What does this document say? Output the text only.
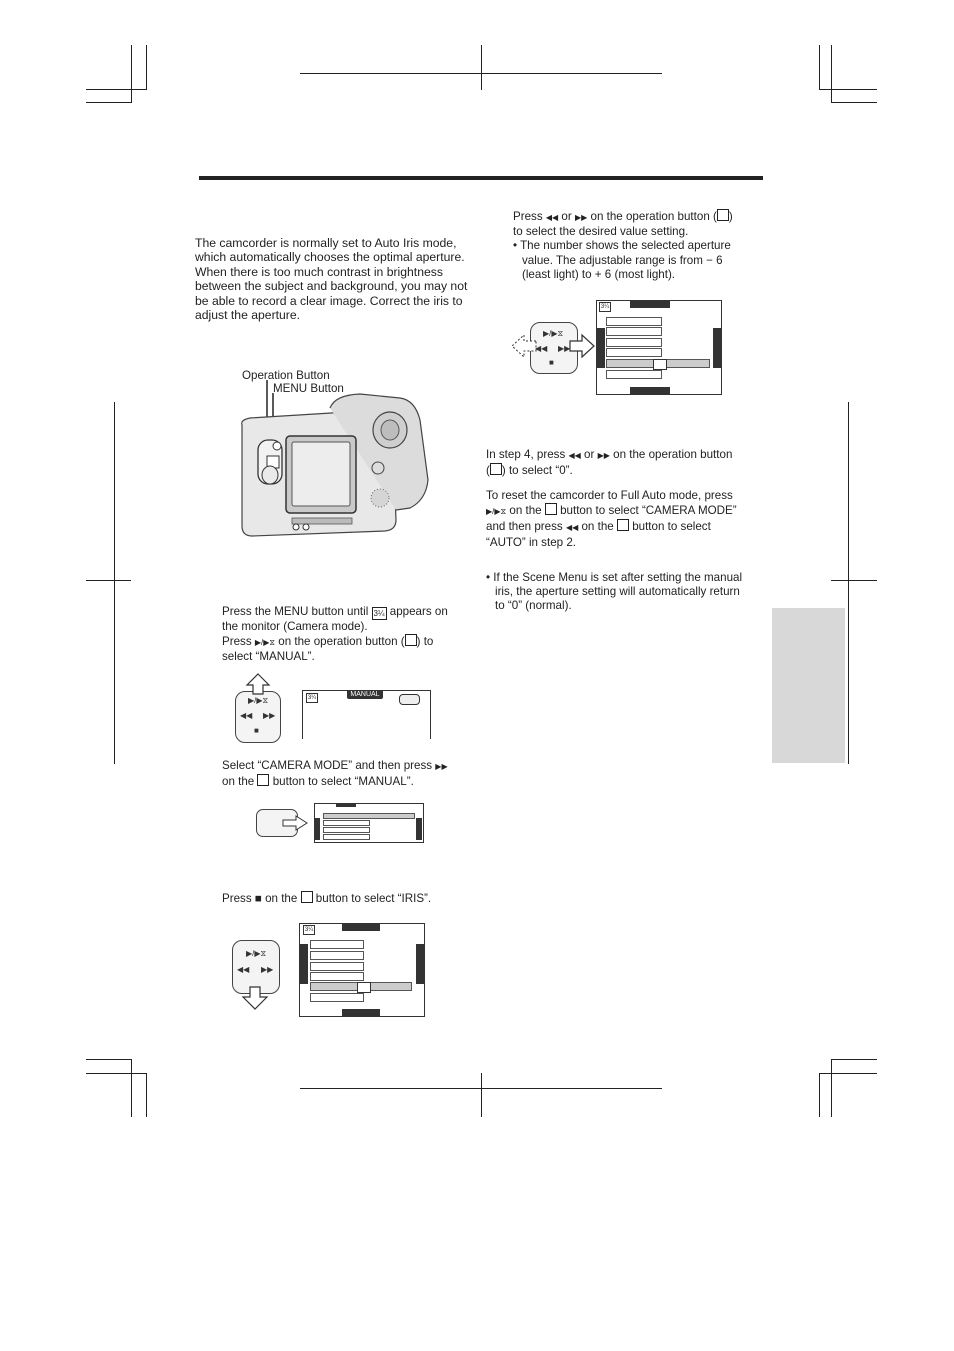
The camcorder is normally set to Auto Iris mode, which automatically chooses the optimal aperture. When there is too much contrast in brightness between the subject and background, you may not be able to record a clear image. Correct the iris to adjust the aperture.
Operation Button
MENU Button

Press the MENU button until 3¼ appears on

the monitor (Camera mode).

Press ▶/▶⧖ on the operation button ( ) to

select “MANUAL”.

▶/▶⧖
◀◀ ▶▶
■
3¼	MANUAL

Select “CAMERA MODE” and then press ▶▶

on the button to select “MANUAL”.

Press ■ on the button to select “IRIS”.

▶/▶⧖
◀◀ ▶▶
3¼

Press ◀◀ or ▶▶ on the operation button ( )

to select the desired value setting.

• The number shows the selected aperture

value. The adjustable range is from − 6

(least light) to + 6 (most light).

▶/▶⧖
◀◀ ▶▶
■
3¼

In step 4, press ◀◀ or ▶▶ on the operation button

( ) to select “0”.

To reset the camcorder to Full Auto mode, press

▶/▶⧖ on the button to select “CAMERA MODE”

and then press ◀◀ on the button to select

“AUTO” in step 2.

• If the Scene Menu is set after setting the manual

iris, the aperture setting will automatically return

to “0” (normal).
